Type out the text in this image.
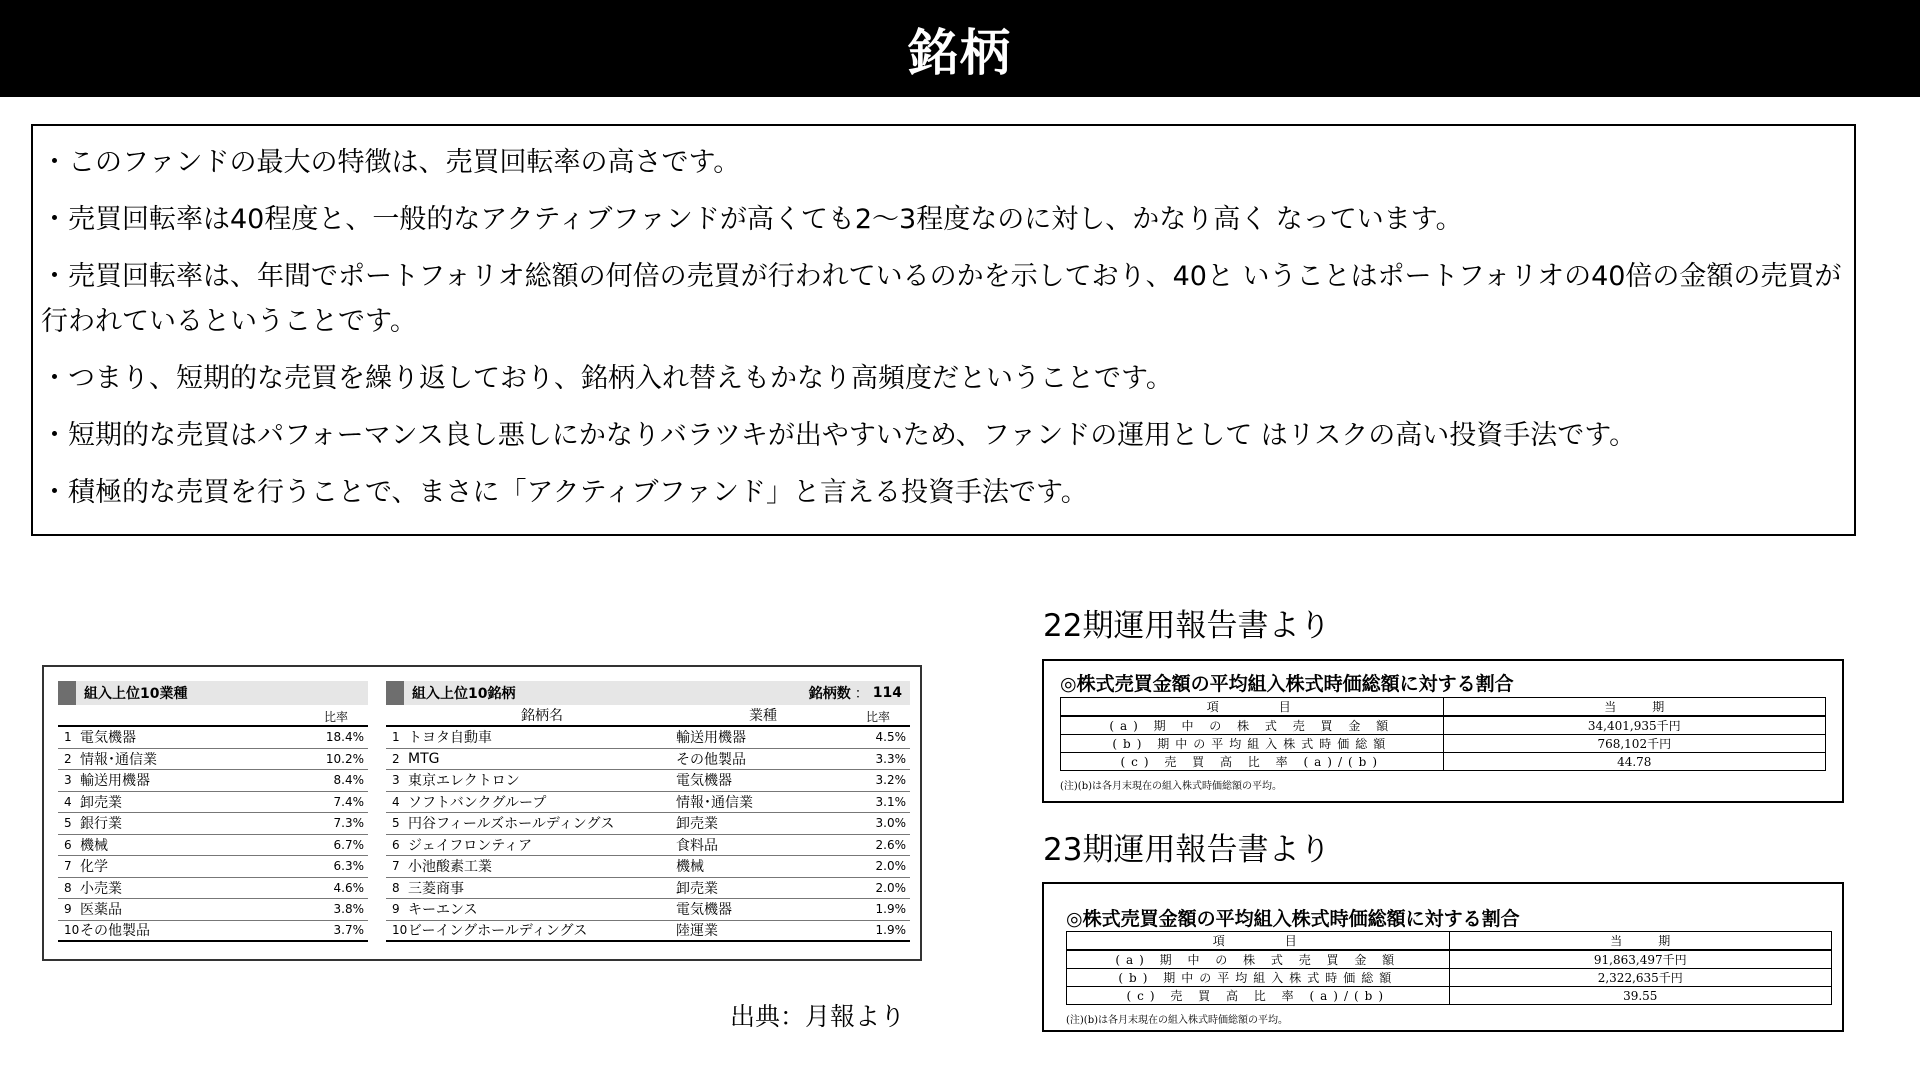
銘柄

・このファンドの最大の特徴は、売買回転率の高さです。

・売買回転率は40程度と、一般的なアクティブファンドが高くても2〜3程度なのに対し、かなり高く なっています。

・売買回転率は、年間でポートフォリオ総額の何倍の売買が行われているのかを示しており、40と いうことはポートフォリオの40倍の金額の売買が行われているということです。

・つまり、短期的な売買を繰り返しており、銘柄入れ替えもかなり高頻度だということです。

・短期的な売買はパフォーマンス良し悪しにかなりバラツキが出やすいため、ファンドの運用として はリスクの高い投資手法です。

・積極的な売買を行うことで、まさに「アクティブファンド」と言える投資手法です。

組入上位10業種
比率
1 電気機器	18.4%
2 情報･通信業	10.2%
3 輸送用機器	8.4%
4 卸売業	7.4%
5 銀行業	7.3%
6 機械	6.7%
7 化学	6.3%
8 小売業	4.6%
9 医薬品	3.8%
10 その他製品	3.7%
組入上位10銘柄	銘柄数 ： 114
銘柄名	業種	比率
1 トヨタ自動車	輸送用機器	4.5%
2 MTG	その他製品	3.3%
3 東京エレクトロン	電気機器	3.2%
4 ソフトバンクグループ	情報･通信業	3.1%
5 円谷フィールズホールディングス	卸売業	3.0%
6 ジェイフロンティア	食料品	2.6%
7 小池酸素工業	機械	2.0%
8 三菱商事	卸売業	2.0%
9 キーエンス	電気機器	1.9%
10 ビーイングホールディングス	陸運業	1.9%
出典：月報より
22期運用報告書より
◎株式売買金額の平均組入株式時価総額に対する割合
項　　　目	当　　　期
(a) 期 中 の 株 式 売 買 金 額	34,401,935千円
(b) 期中の平均組入株式時価総額	768,102千円
(c) 売 買 高 比 率 (a)/(b)	44.78
(注)(b)は各月末現在の組入株式時価総額の平均。
23期運用報告書より
◎株式売買金額の平均組入株式時価総額に対する割合
項　　　目	当　　　期
(a) 期 中 の 株 式 売 買 金 額	91,863,497千円
(b) 期中の平均組入株式時価総額	2,322,635千円
(c) 売 買 高 比 率 (a)/(b)	39.55
(注)(b)は各月末現在の組入株式時価総額の平均。
